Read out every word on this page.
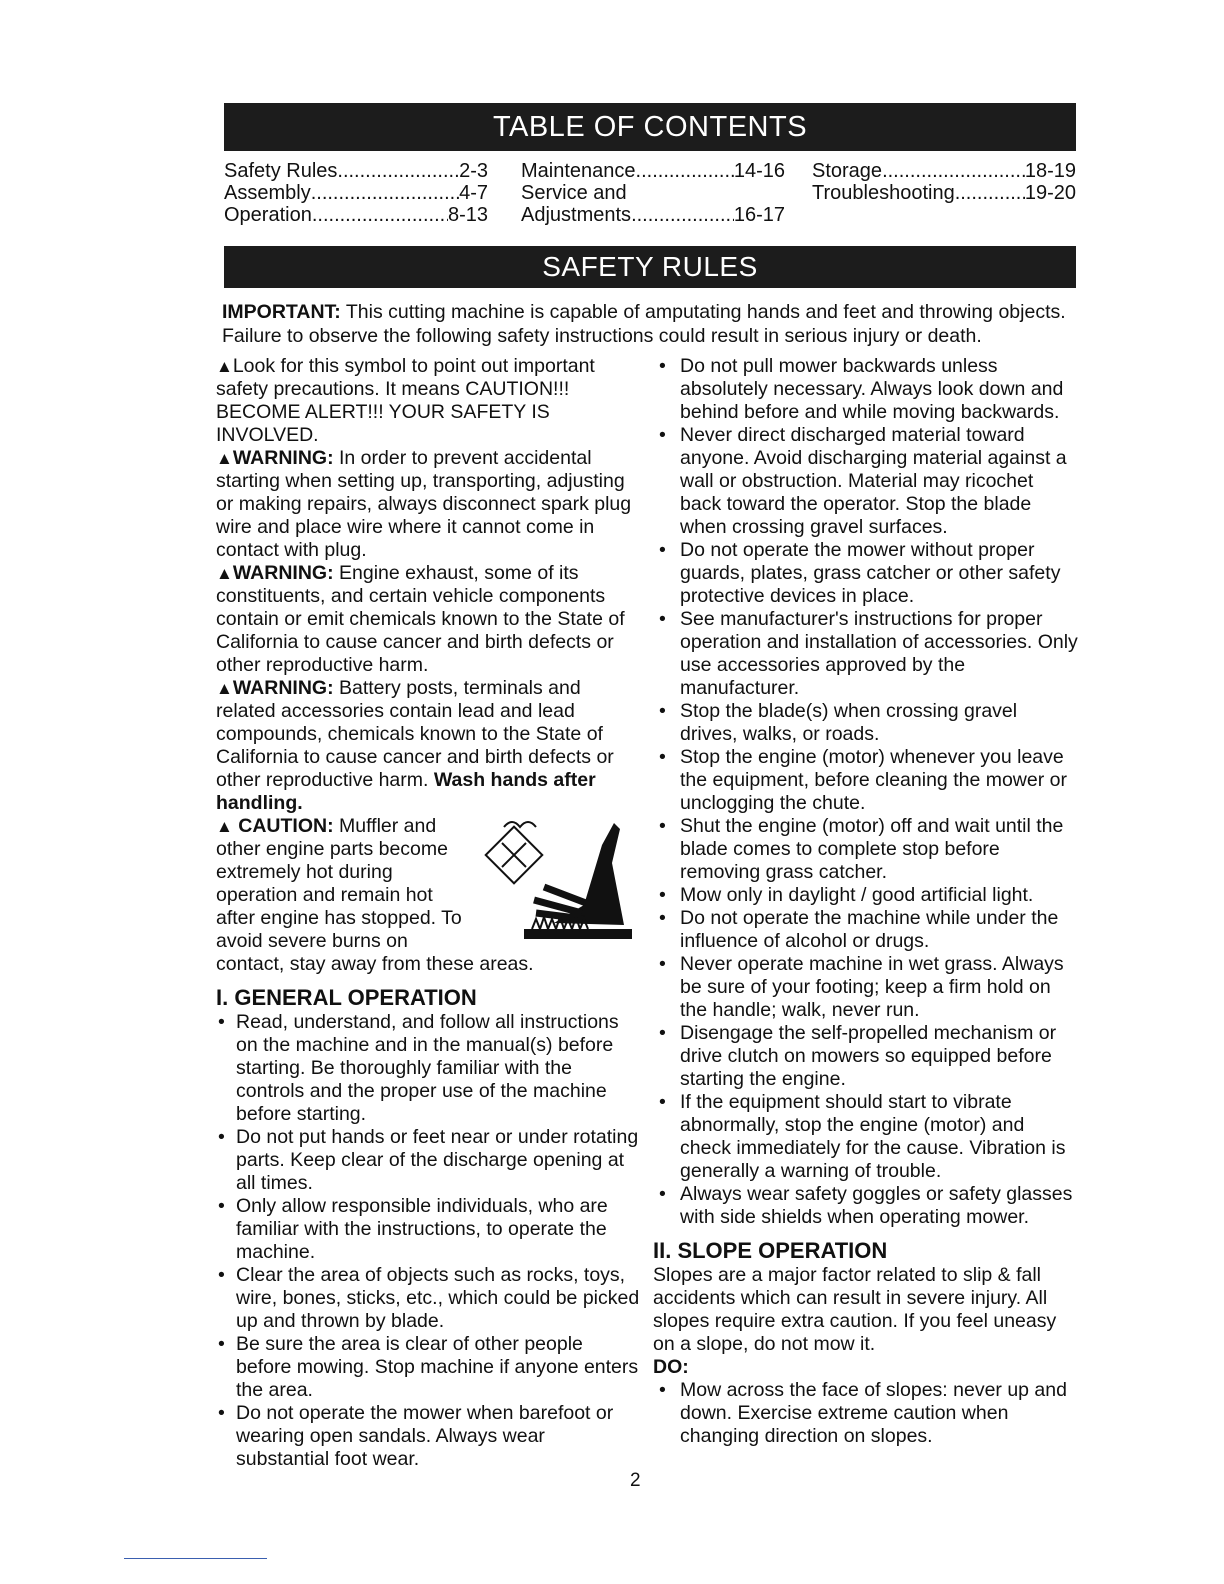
TABLE OF CONTENTS
Safety Rules .....	2-3
Assembly .....	4-7
Operation .....	8-13
Maintenance .....	14-16
Service and
Adjustments .....	16-17
Storage .....	18-19
Troubleshooting .....	19-20
SAFETY RULES

IMPORTANT: This cutting machine is capable of amputating hands and feet and throwing objects. Failure to observe the following safety instructions could result in serious injury or death.

▲Look for this symbol to point out important safety precautions. It means CAUTION!!! BECOME ALERT!!! YOUR SAFETY IS INVOLVED.

▲WARNING: In order to prevent accidental starting when setting up, transporting, adjusting or making repairs, always disconnect spark plug wire and place wire where it cannot come in contact with plug.

▲WARNING: Engine exhaust, some of its constituents, and certain vehicle components contain or emit chemicals known to the State of California to cause cancer and birth defects or other reproductive harm.

▲WARNING: Battery posts, terminals and related accessories contain lead and lead compounds, chemicals known to the State of California to cause cancer and birth defects or other reproductive harm. Wash hands after handling.

▲ CAUTION: Muffler and other engine parts become extremely hot during operation and remain hot after engine has stopped. To avoid severe burns on

contact, stay away from these areas.

I. GENERAL OPERATION
• Read, understand, and follow all instructions on the machine and in the manual(s) before starting. Be thoroughly familiar with the controls and the proper use of the machine before starting.
• Do not put hands or feet near or under rotating parts. Keep clear of the discharge opening at all times.
• Only allow responsible individuals, who are familiar with the instructions, to operate the machine.
• Clear the area of objects such as rocks, toys, wire, bones, sticks, etc., which could be picked up and thrown by blade.
• Be sure the area is clear of other people before mowing. Stop machine if anyone enters the area.
• Do not operate the mower when barefoot or wearing open sandals. Always wear substantial foot wear.
• Do not pull mower backwards unless absolutely necessary. Always look down and behind before and while moving backwards.
• Never direct discharged material toward anyone. Avoid discharging material against a wall or obstruction. Material may ricochet back toward the operator. Stop the blade when crossing gravel surfaces.
• Do not operate the mower without proper guards, plates, grass catcher or other safety protective devices in place.
• See manufacturer's instructions for proper operation and installation of accessories. Only use accessories approved by the manufacturer.
• Stop the blade(s) when crossing gravel drives, walks, or roads.
• Stop the engine (motor) whenever you leave the equipment, before cleaning the mower or unclogging the chute.
• Shut the engine (motor) off and wait until the blade comes to complete stop before removing grass catcher.
• Mow only in daylight / good artificial light.
• Do not operate the machine while under the influence of alcohol or drugs.
• Never operate machine in wet grass. Always be sure of your footing; keep a firm hold on the handle; walk, never run.
• Disengage the self-propelled mechanism or drive clutch on mowers so equipped before starting the engine.
• If the equipment should start to vibrate abnormally, stop the engine (motor) and check immediately for the cause. Vibration is generally a warning of trouble.
• Always wear safety goggles or safety glasses with side shields when operating mower.
II. SLOPE OPERATION

Slopes are a major factor related to slip & fall accidents which can result in severe injury. All slopes require extra caution. If you feel uneasy on a slope, do not mow it.

DO:

• Mow across the face of slopes: never up and down. Exercise extreme caution when changing direction on slopes.
2
